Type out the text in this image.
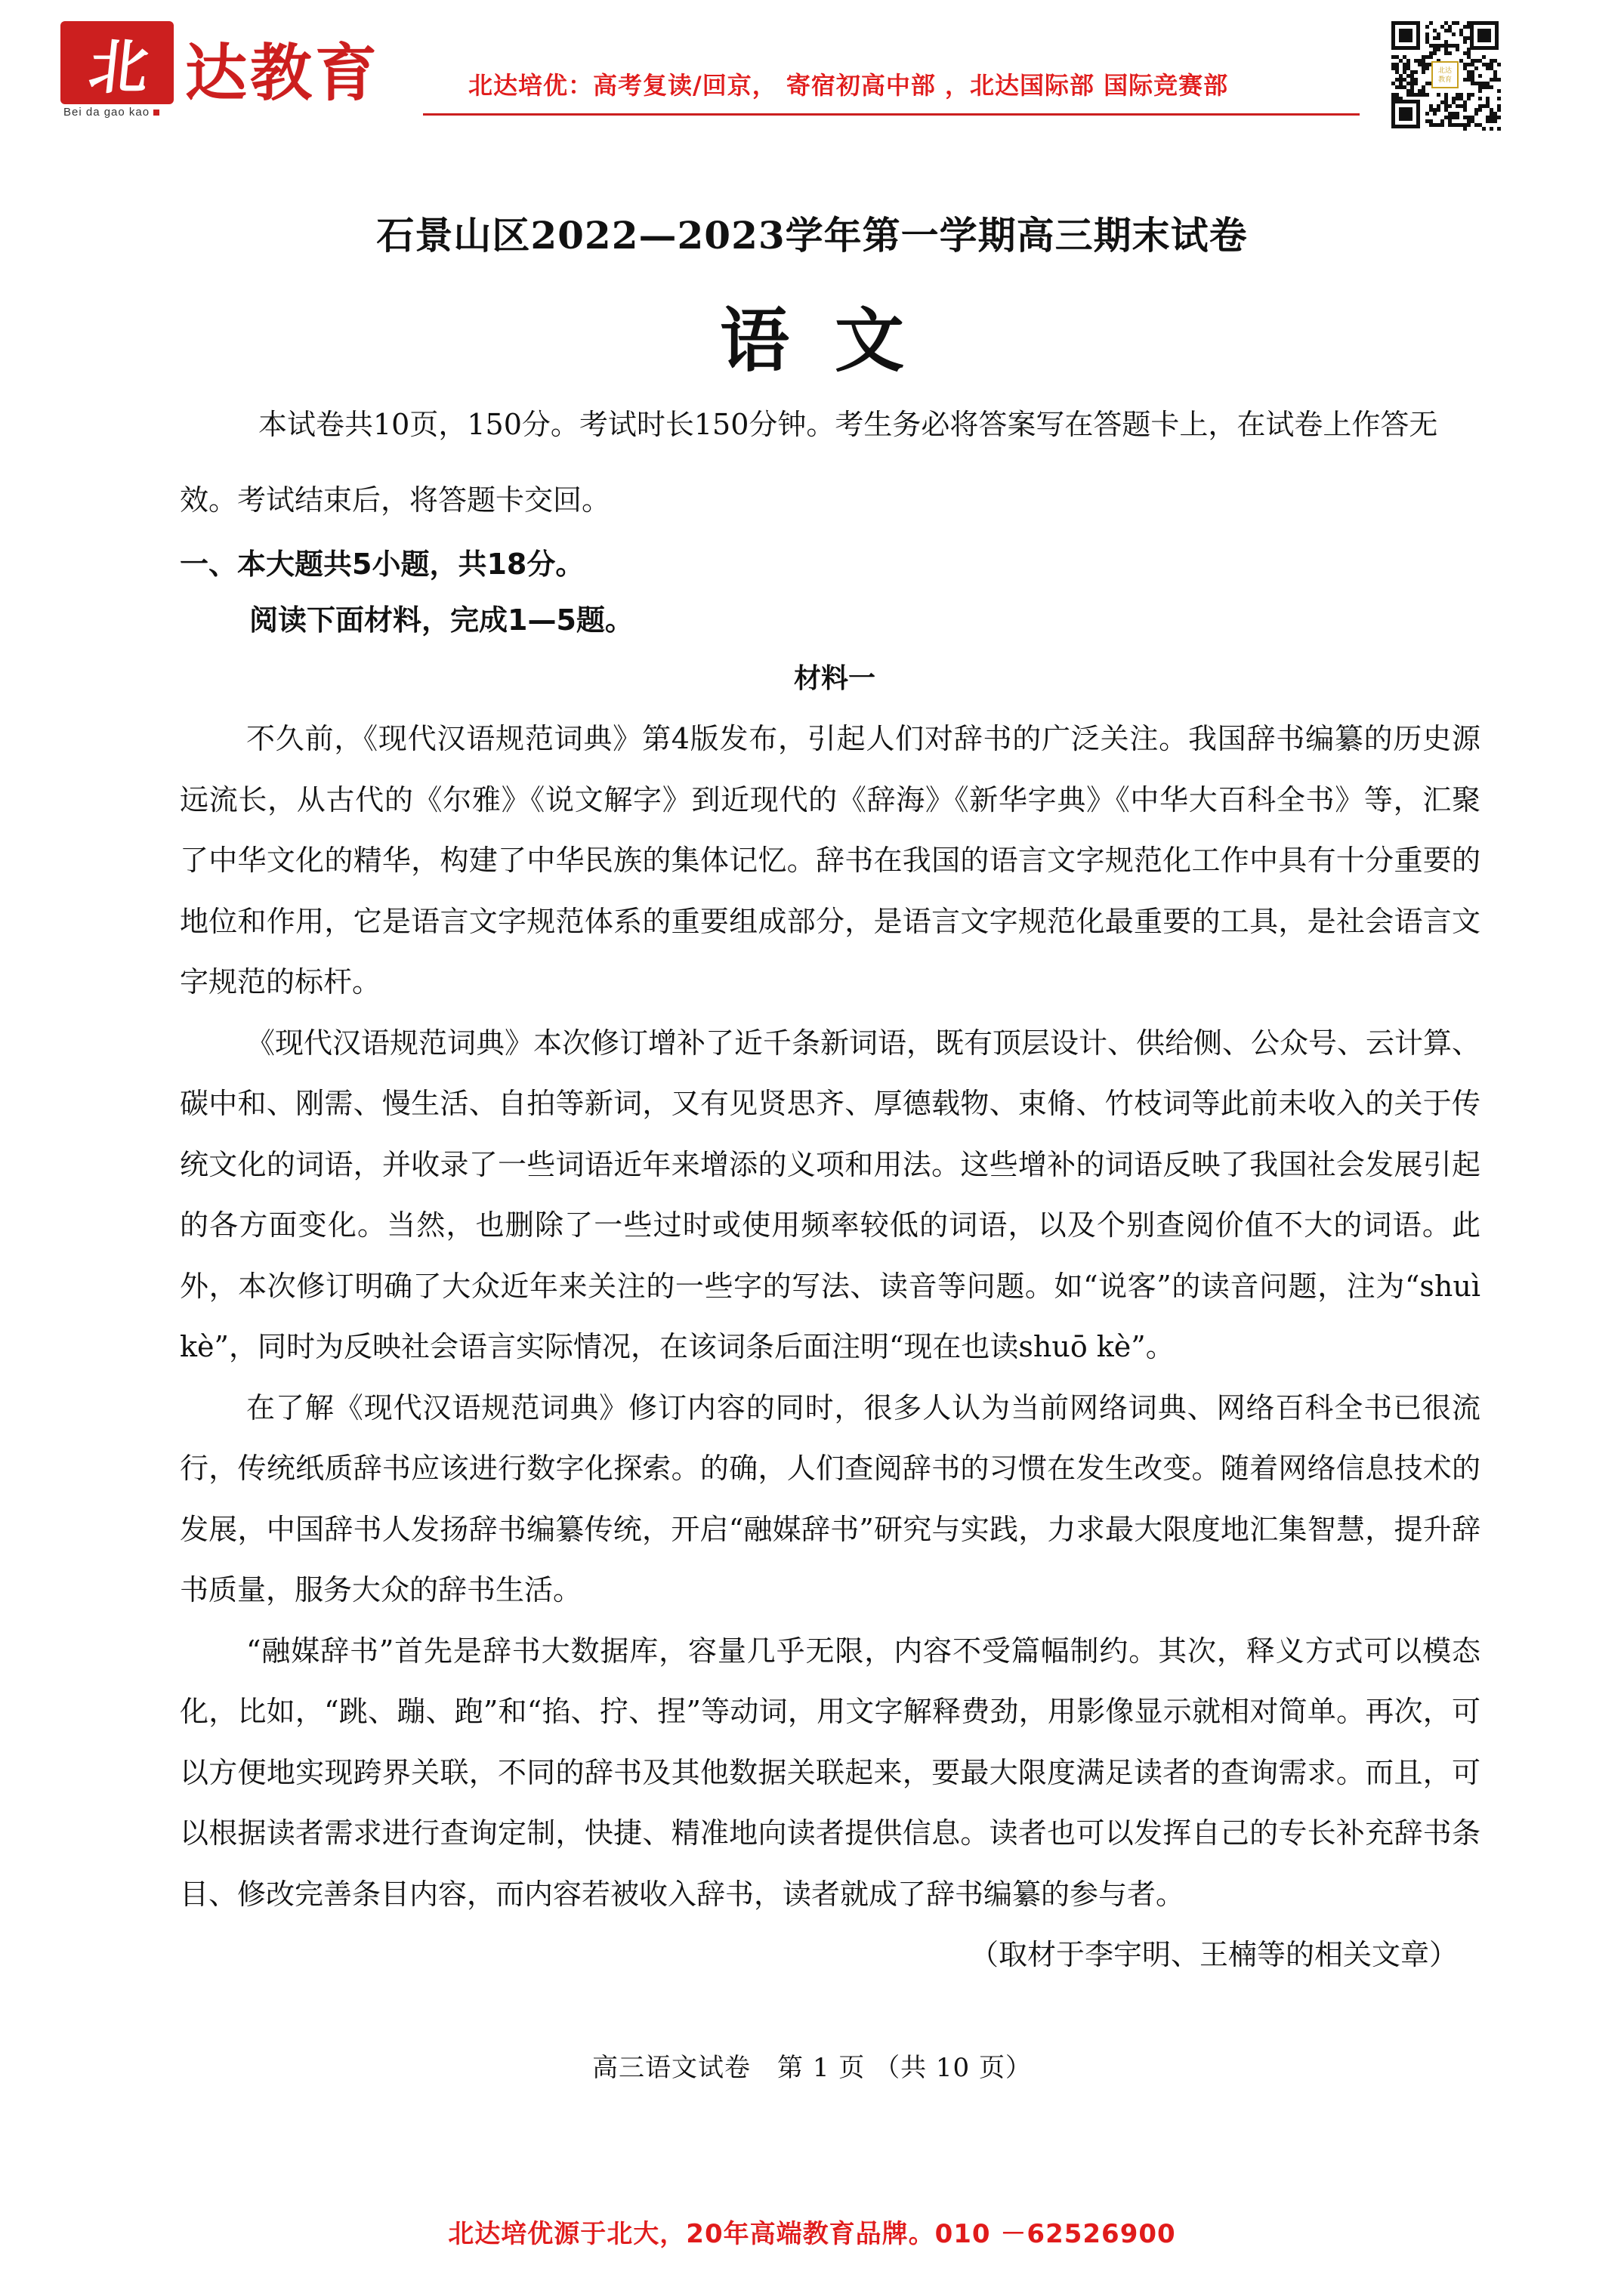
北 达教育
Bei da gao kao
北达培优：高考复读/回京， 寄宿初高中部 ，北达国际部 国际竞赛部	北达
教育
石景山区2022—2023学年第一学期高三期末试卷
语文
本试卷共10页，150分。考试时长150分钟。考生务必将答案写在答题卡上，在试卷上作答无效。考试结束后，将答题卡交回。
一、本大题共5小题，共18分。
阅读下面材料，完成1—5题。
材料一

不久前，《现代汉语规范词典》第4版发布，引起人们对辞书的广泛关注。我国辞书编纂的历史源远流长，从古代的《尔雅》《说文解字》到近现代的《辞海》《新华字典》《中华大百科全书》等，汇聚了中华文化的精华，构建了中华民族的集体记忆。辞书在我国的语言文字规范化工作中具有十分重要的地位和作用，它是语言文字规范体系的重要组成部分，是语言文字规范化最重要的工具，是社会语言文字规范的标杆。

《现代汉语规范词典》本次修订增补了近千条新词语，既有顶层设计、供给侧、公众号、云计算、碳中和、刚需、慢生活、自拍等新词，又有见贤思齐、厚德载物、束脩、竹枝词等此前未收入的关于传统文化的词语，并收录了一些词语近年来增添的义项和用法。这些增补的词语反映了我国社会发展引起的各方面变化。当然，也删除了一些过时或使用频率较低的词语，以及个别查阅价值不大的词语。此外，本次修订明确了大众近年来关注的一些字的写法、读音等问题。如“说客”的读音问题，注为“shuì kè”，同时为反映社会语言实际情况，在该词条后面注明“现在也读shuō kè”。

在了解《现代汉语规范词典》修订内容的同时，很多人认为当前网络词典、网络百科全书已很流行，传统纸质辞书应该进行数字化探索。的确，人们查阅辞书的习惯在发生改变。随着网络信息技术的发展，中国辞书人发扬辞书编纂传统，开启“融媒辞书”研究与实践，力求最大限度地汇集智慧，提升辞书质量，服务大众的辞书生活。

“融媒辞书”首先是辞书大数据库，容量几乎无限，内容不受篇幅制约。其次，释义方式可以模态化，比如，“跳、蹦、跑”和“掐、拧、捏”等动词，用文字解释费劲，用影像显示就相对简单。再次，可以方便地实现跨界关联，不同的辞书及其他数据关联起来，要最大限度满足读者的查询需求。而且，可以根据读者需求进行查询定制，快捷、精准地向读者提供信息。读者也可以发挥自己的专长补充辞书条目、修改完善条目内容，而内容若被收入辞书，读者就成了辞书编纂的参与者。

（取材于李宇明、王楠等的相关文章）
高三语文试卷　第 1 页 （共 10 页）
北达培优源于北大，20年高端教育品牌。010 －62526900
